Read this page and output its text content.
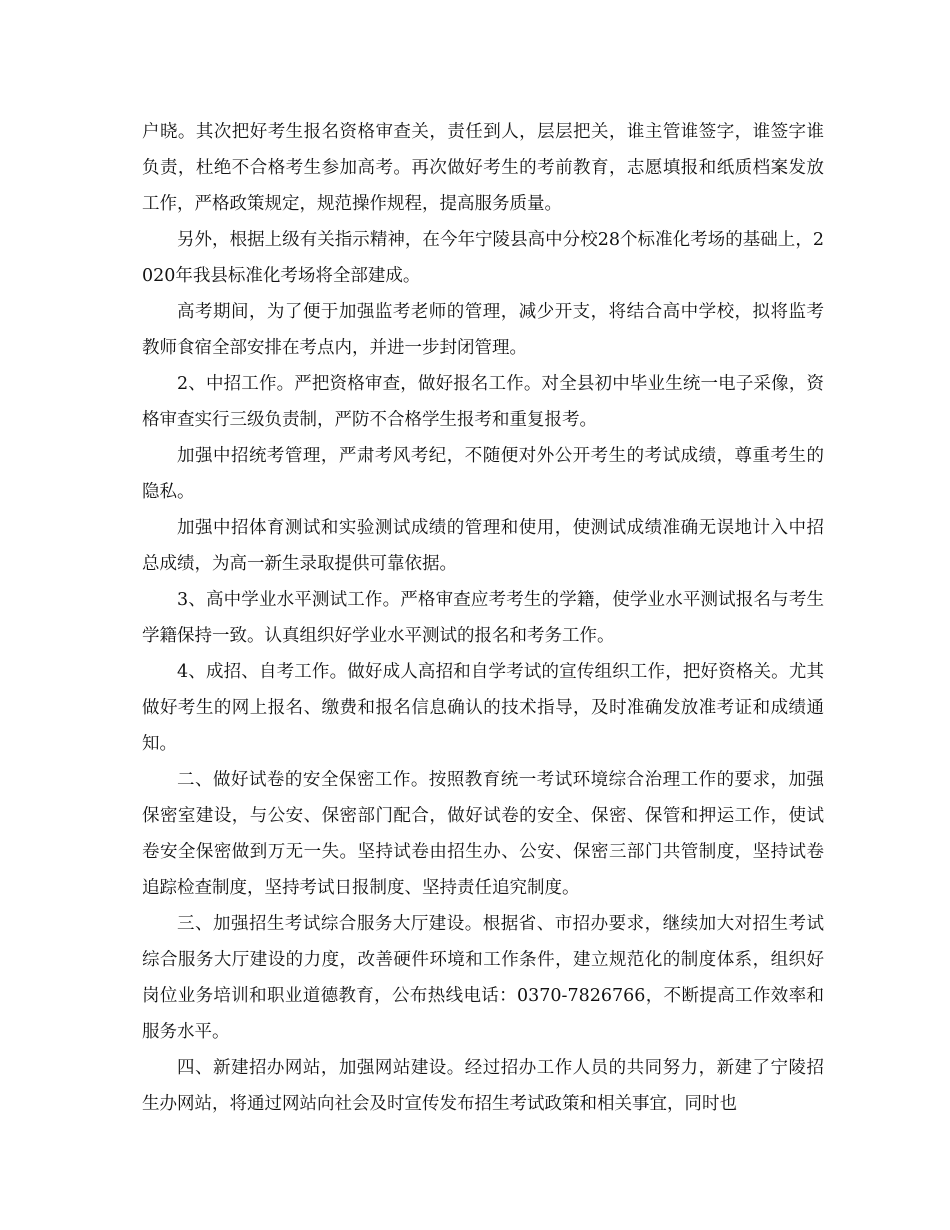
户晓。其次把好考生报名资格审查关，责任到人，层层把关，谁主管谁签字，谁签字谁负责，杜绝不合格考生参加高考。再次做好考生的考前教育，志愿填报和纸质档案发放工作，严格政策规定，规范操作规程，提高服务质量。

另外，根据上级有关指示精神，在今年宁陵县高中分校28个标准化考场的基础上，2020年我县标准化考场将全部建成。

高考期间，为了便于加强监考老师的管理，减少开支，将结合高中学校，拟将监考教师食宿全部安排在考点内，并进一步封闭管理。

2、中招工作。严把资格审查，做好报名工作。对全县初中毕业生统一电子采像，资格审查实行三级负责制，严防不合格学生报考和重复报考。

加强中招统考管理，严肃考风考纪，不随便对外公开考生的考试成绩，尊重考生的隐私。

加强中招体育测试和实验测试成绩的管理和使用，使测试成绩准确无误地计入中招总成绩，为高一新生录取提供可靠依据。

3、高中学业水平测试工作。严格审查应考考生的学籍，使学业水平测试报名与考生学籍保持一致。认真组织好学业水平测试的报名和考务工作。

4、成招、自考工作。做好成人高招和自学考试的宣传组织工作，把好资格关。尤其做好考生的网上报名、缴费和报名信息确认的技术指导，及时准确发放准考证和成绩通知。

二、做好试卷的安全保密工作。按照教育统一考试环境综合治理工作的要求，加强保密室建设，与公安、保密部门配合，做好试卷的安全、保密、保管和押运工作，使试卷安全保密做到万无一失。坚持试卷由招生办、公安、保密三部门共管制度，坚持试卷追踪检查制度，坚持考试日报制度、坚持责任追究制度。

三、加强招生考试综合服务大厅建设。根据省、市招办要求，继续加大对招生考试综合服务大厅建设的力度，改善硬件环境和工作条件，建立规范化的制度体系，组织好岗位业务培训和职业道德教育，公布热线电话：0370-7826766，不断提高工作效率和服务水平。

四、新建招办网站，加强网站建设。经过招办工作人员的共同努力，新建了宁陵招生办网站，将通过网站向社会及时宣传发布招生考试政策和相关事宜，同时也
